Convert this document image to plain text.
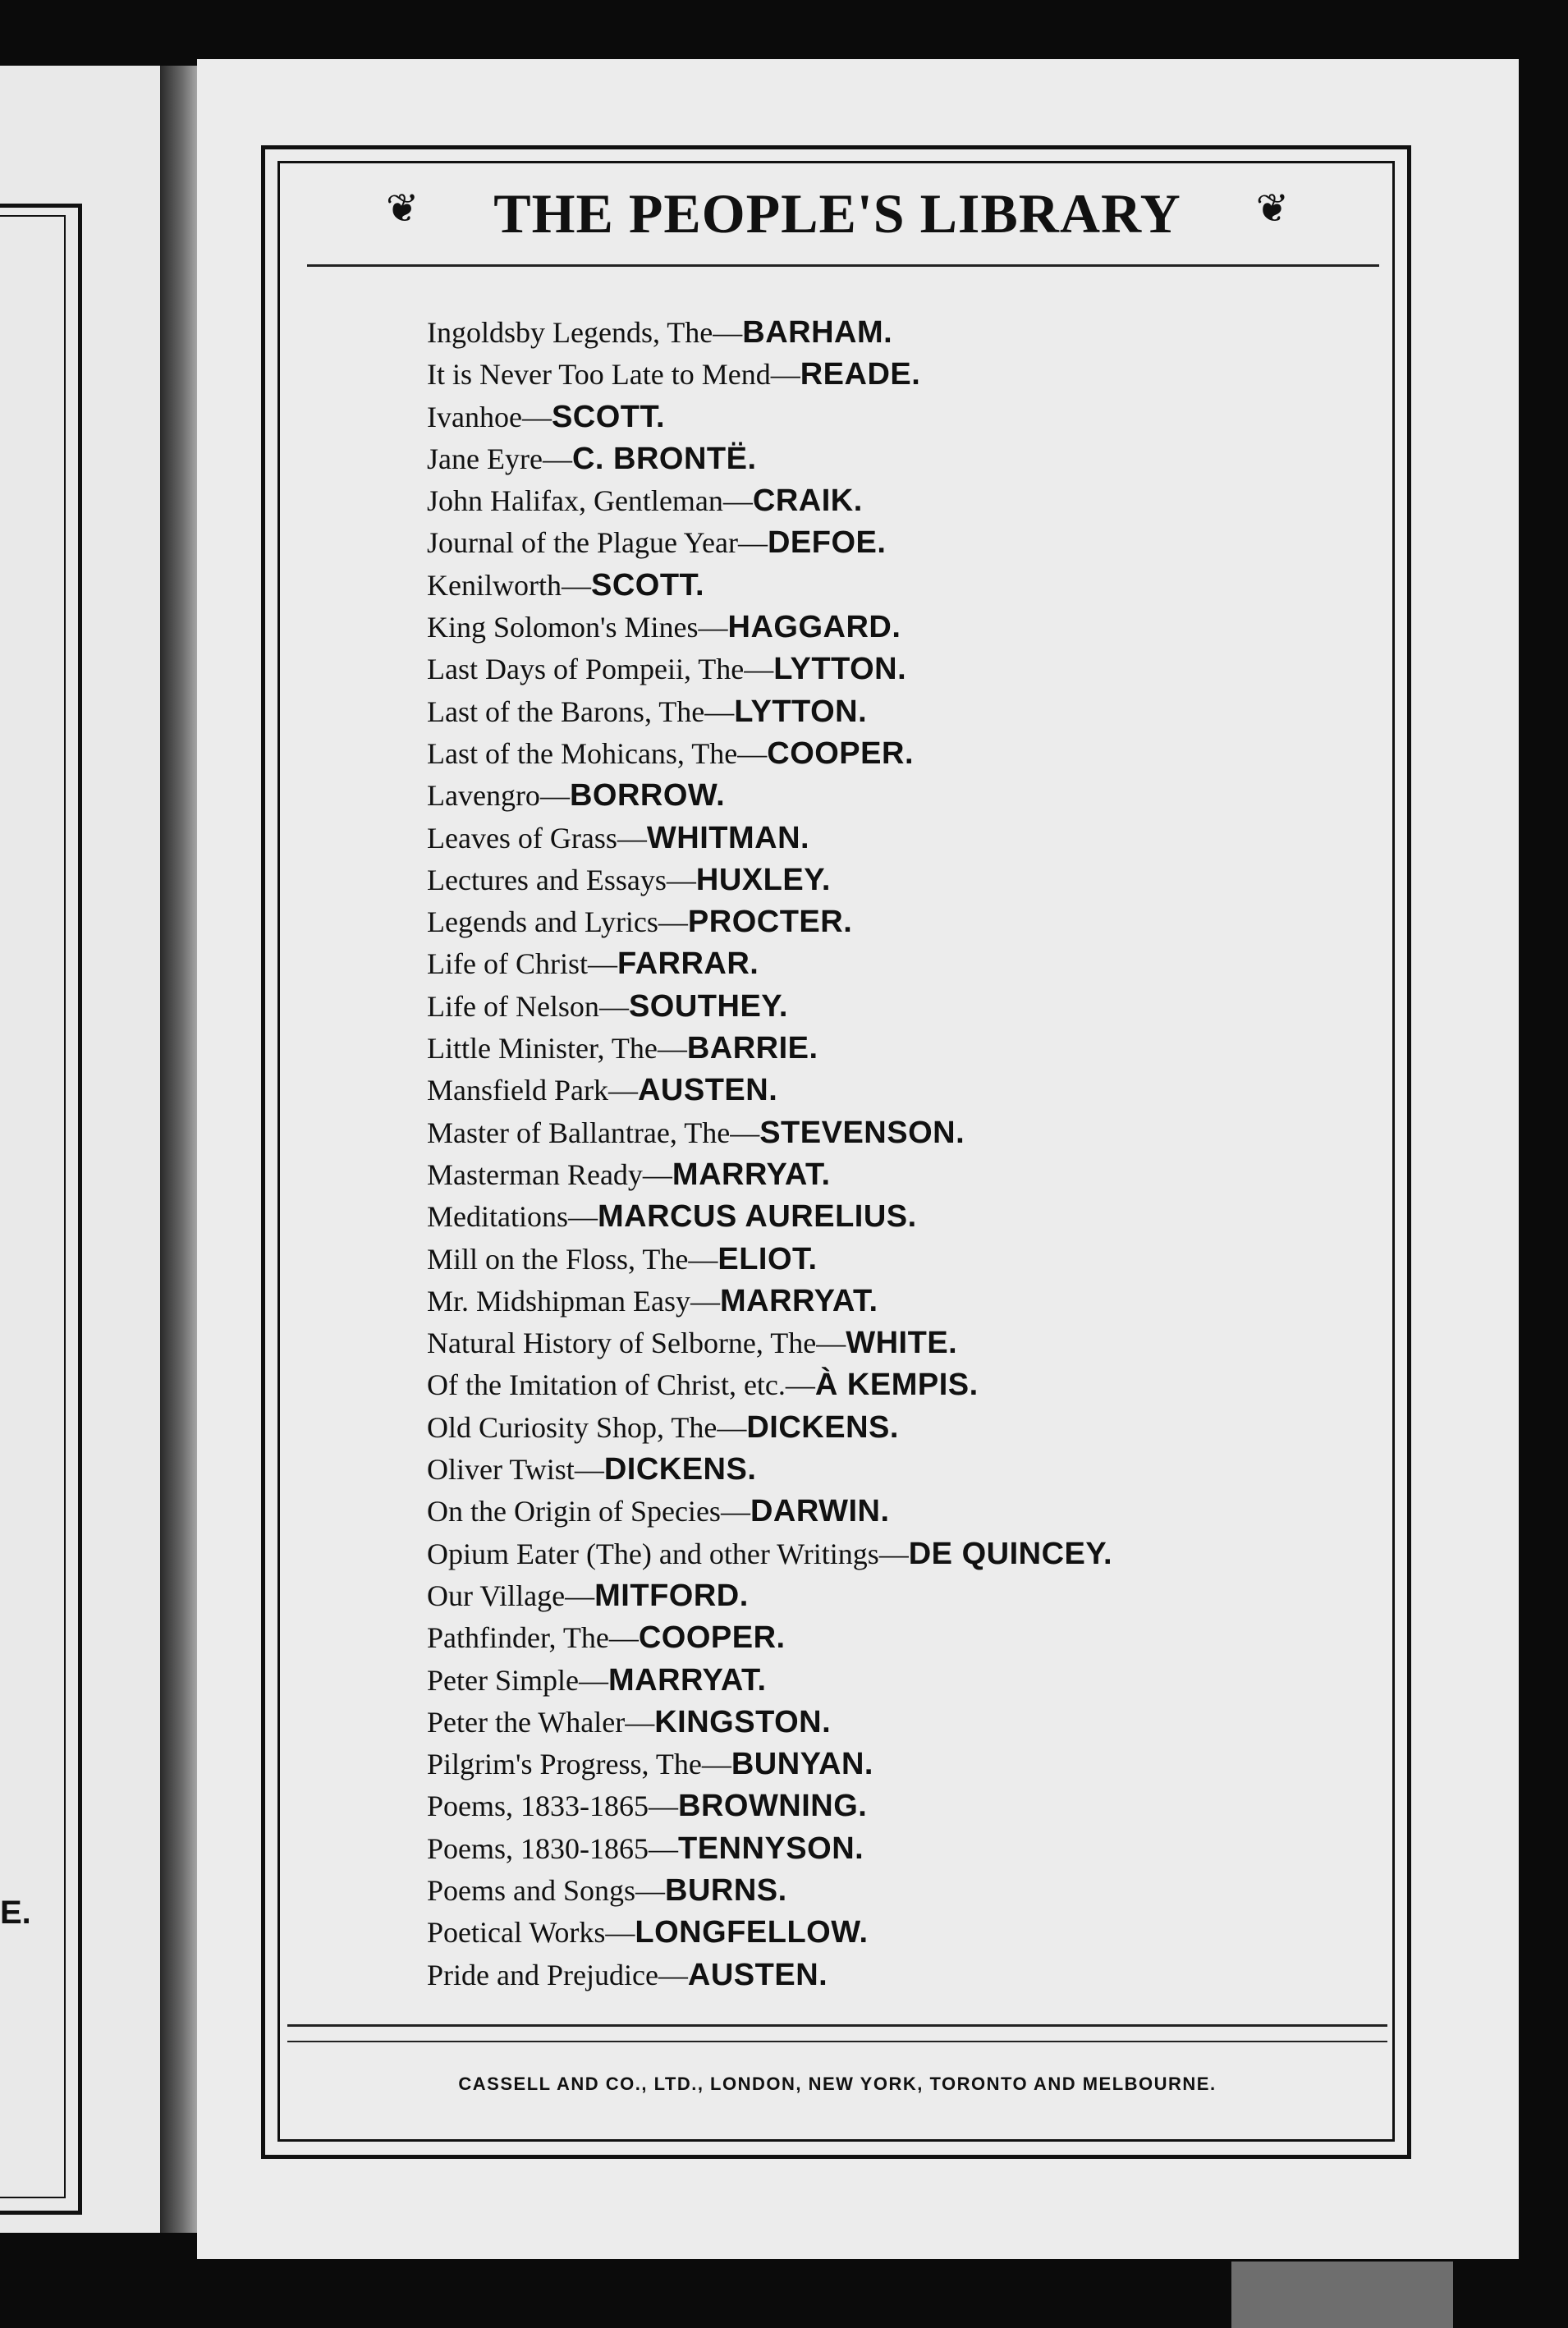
E.
❦ THE PEOPLE'S LIBRARY ❦
Ingoldsby Legends, The—BARHAM.
It is Never Too Late to Mend—READE.
Ivanhoe—SCOTT.
Jane Eyre—C. BRONTË.
John Halifax, Gentleman—CRAIK.
Journal of the Plague Year—DEFOE.
Kenilworth—SCOTT.
King Solomon's Mines—HAGGARD.
Last Days of Pompeii, The—LYTTON.
Last of the Barons, The—LYTTON.
Last of the Mohicans, The—COOPER.
Lavengro—BORROW.
Leaves of Grass—WHITMAN.
Lectures and Essays—HUXLEY.
Legends and Lyrics—PROCTER.
Life of Christ—FARRAR.
Life of Nelson—SOUTHEY.
Little Minister, The—BARRIE.
Mansfield Park—AUSTEN.
Master of Ballantrae, The—STEVENSON.
Masterman Ready—MARRYAT.
Meditations—MARCUS AURELIUS.
Mill on the Floss, The—ELIOT.
Mr. Midshipman Easy—MARRYAT.
Natural History of Selborne, The—WHITE.
Of the Imitation of Christ, etc.—À KEMPIS.
Old Curiosity Shop, The—DICKENS.
Oliver Twist—DICKENS.
On the Origin of Species—DARWIN.
Opium Eater (The) and other Writings—DE QUINCEY.
Our Village—MITFORD.
Pathfinder, The—COOPER.
Peter Simple—MARRYAT.
Peter the Whaler—KINGSTON.
Pilgrim's Progress, The—BUNYAN.
Poems, 1833-1865—BROWNING.
Poems, 1830-1865—TENNYSON.
Poems and Songs—BURNS.
Poetical Works—LONGFELLOW.
Pride and Prejudice—AUSTEN.
CASSELL AND CO., LTD., LONDON, NEW YORK, TORONTO AND MELBOURNE.
